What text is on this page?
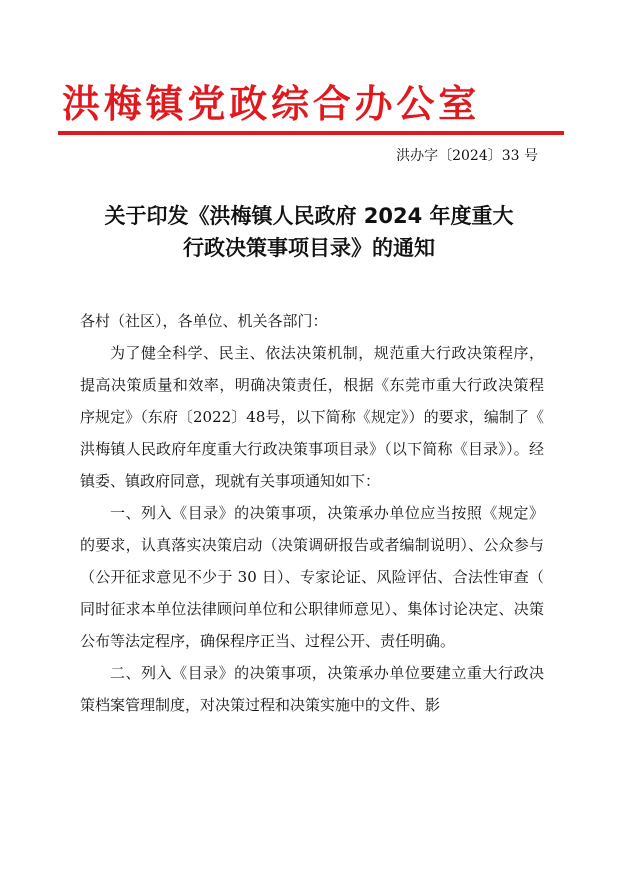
洪梅镇党政综合办公室
洪办字〔2024〕33 号
关于印发《洪梅镇人民政府 2024 年度重大
行政决策事项目录》的通知

各村（社区），各单位、机关各部门：

为了健全科学、民主、依法决策机制，规范重大行政决策程序，提高决策质量和效率，明确决策责任，根据《东莞市重大行政决策程序规定》（东府〔2022〕48号，以下简称《规定》）的要求，编制了《洪梅镇人民政府年度重大行政决策事项目录》（以下简称《目录》）。经镇委、镇政府同意，现就有关事项通知如下：

一、列入《目录》的决策事项，决策承办单位应当按照《规定》的要求，认真落实决策启动（决策调研报告或者编制说明）、公众参与（公开征求意见不少于 30 日）、专家论证、风险评估、合法性审查（同时征求本单位法律顾问单位和公职律师意见）、集体讨论决定、决策公布等法定程序，确保程序正当、过程公开、责任明确。

二、列入《目录》的决策事项，决策承办单位要建立重大行政决策档案管理制度，对决策过程和决策实施中的文件、影
